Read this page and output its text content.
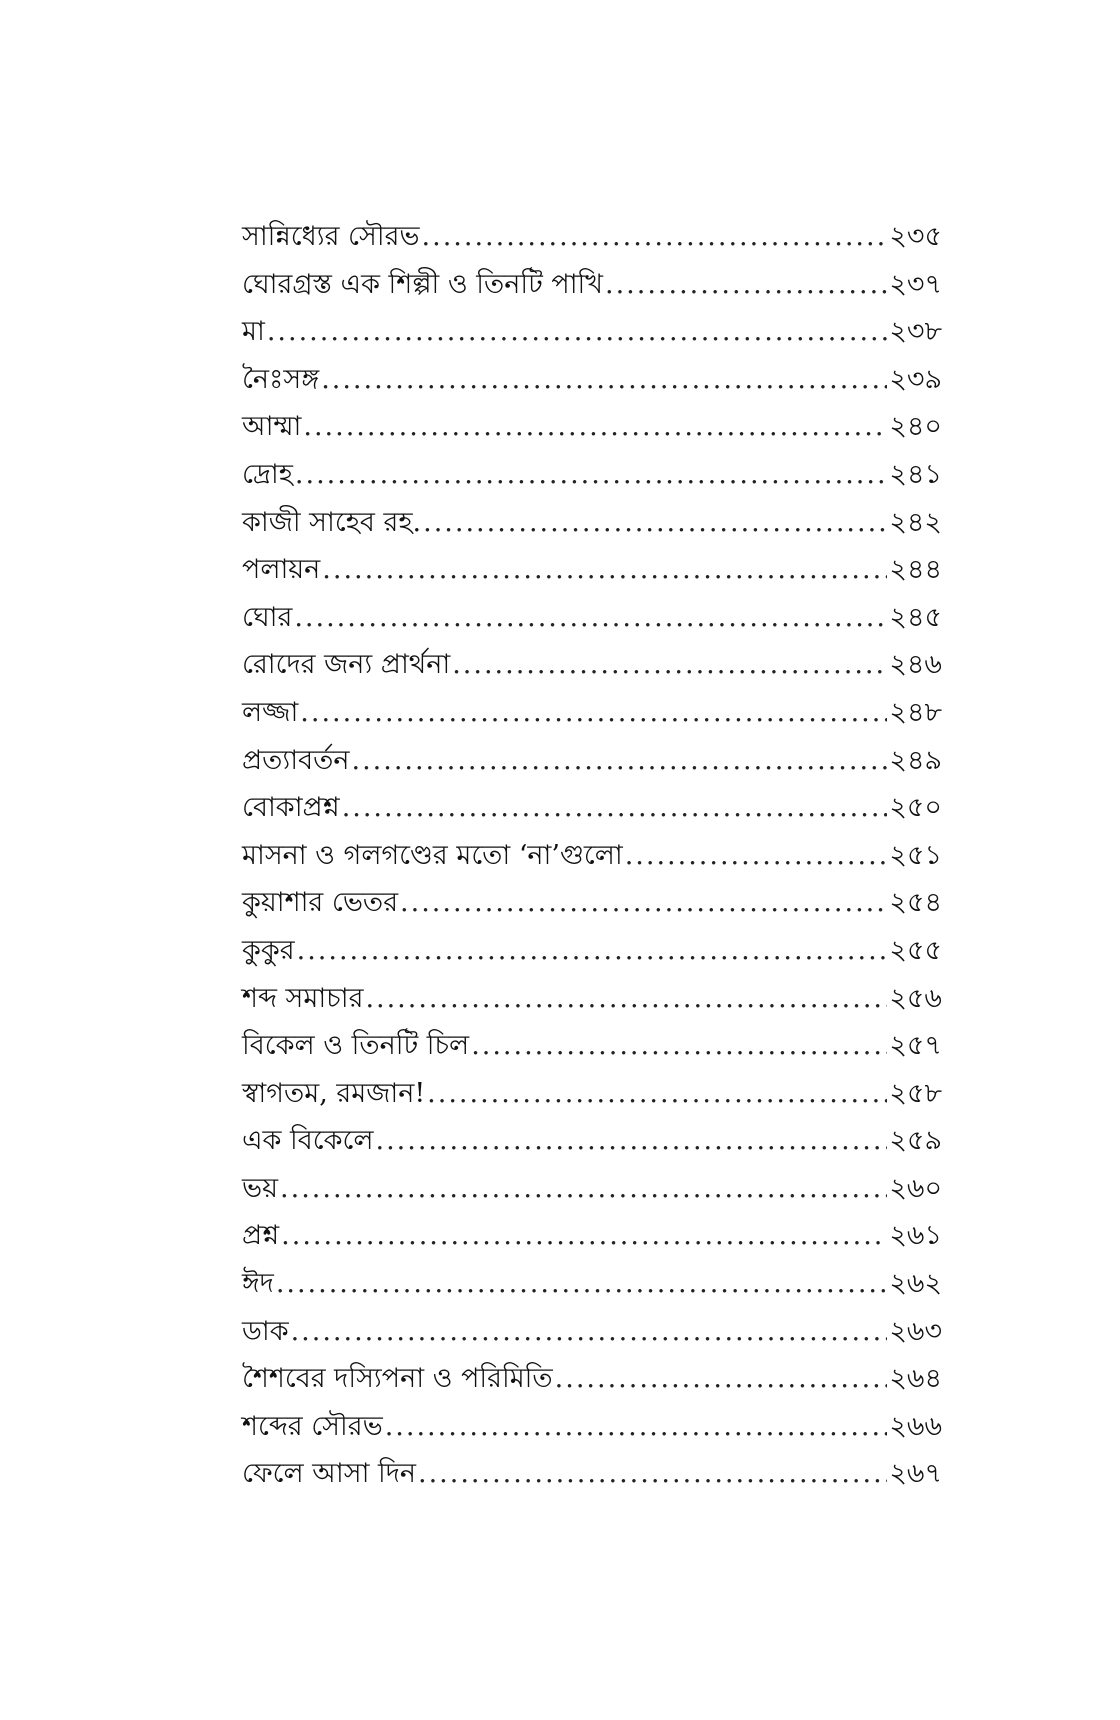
সান্নিধ্যের সৌরভ .....	২৩৫
ঘোরগ্রস্ত এক শিল্পী ও তিনটি পাখি .....	২৩৭
মা .....	২৩৮
নৈঃসঙ্গ .....	২৩৯
আম্মা .....	২৪০
দ্রোহ .....	২৪১
কাজী সাহেব রহ. .....	২৪২
পলায়ন .....	২৪৪
ঘোর .....	২৪৫
রোদের জন্য প্রার্থনা .....	২৪৬
লজ্জা .....	২৪৮
প্রত্যাবর্তন .....	২৪৯
বোকাপ্রশ্ন .....	২৫০
মাসনা ও গলগণ্ডের মতো ‘না’গুলো .....	২৫১
কুয়াশার ভেতর .....	২৫৪
কুকুর .....	২৫৫
শব্দ সমাচার .....	২৫৬
বিকেল ও তিনটি চিল .....	২৫৭
স্বাগতম, রমজান! .....	২৫৮
এক বিকেলে .....	২৫৯
ভয় .....	২৬০
প্রশ্ন .....	২৬১
ঈদ .....	২৬২
ডাক .....	২৬৩
শৈশবের দস্যিপনা ও পরিমিতি .....	২৬৪
শব্দের সৌরভ .....	২৬৬
ফেলে আসা দিন .....	২৬৭
